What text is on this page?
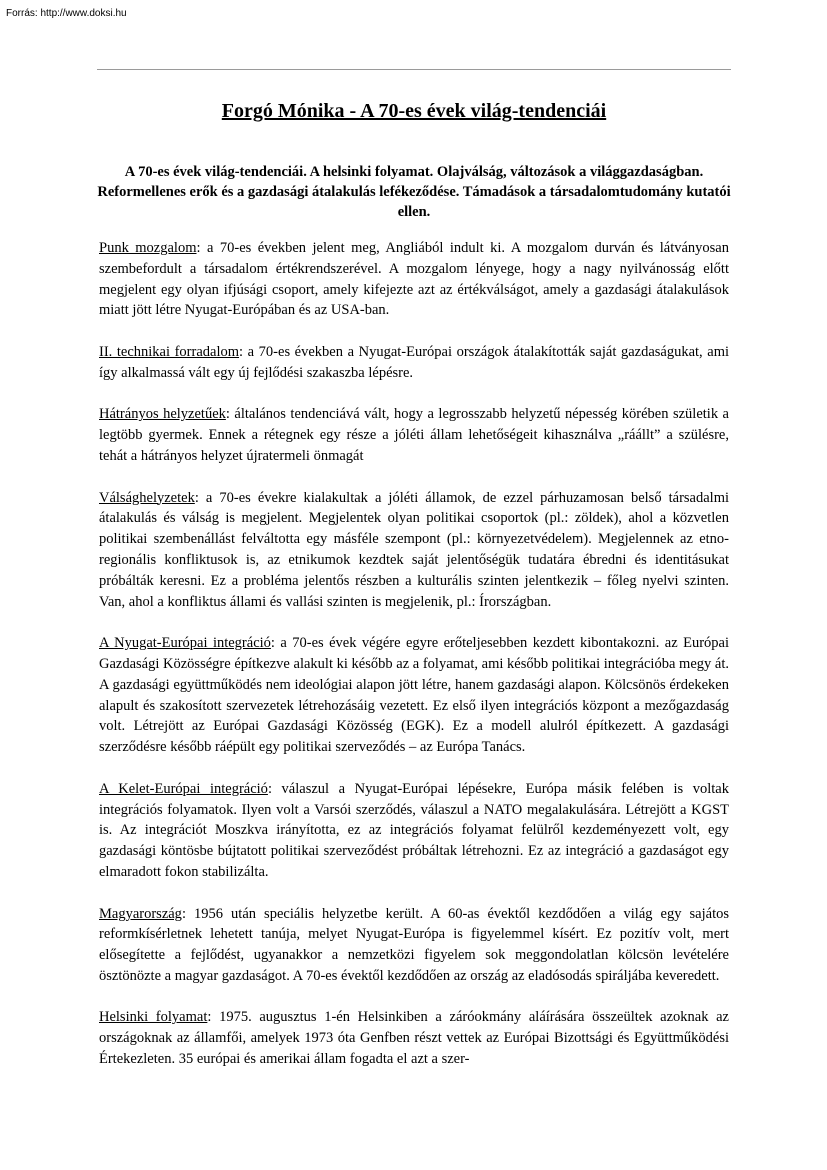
Forrás: http://www.doksi.hu
Forgó Mónika - A 70-es évek világ-tendenciái

A 70-es évek világ-tendenciái. A helsinki folyamat. Olajválság, változások a világgazdaságban. Reformellenes erők és a gazdasági átalakulás lefékeződése. Támadások a társadalomtudomány kutatói ellen.

Punk mozgalom: a 70-es években jelent meg, Angliából indult ki. A mozgalom durván és látványosan szembefordult a társadalom értékrendszerével. A mozgalom lényege, hogy a nagy nyilvánosság előtt megjelent egy olyan ifjúsági csoport, amely kifejezte azt az értékválságot, amely a gazdasági átalakulások miatt jött létre Nyugat-Európában és az USA-ban.

II. technikai forradalom: a 70-es években a Nyugat-Európai országok átalakították saját gazdaságukat, ami így alkalmassá vált egy új fejlődési szakaszba lépésre.

Hátrányos helyzetűek: általános tendenciává vált, hogy a legrosszabb helyzetű népesség körében születik a legtöbb gyermek. Ennek a rétegnek egy része a jóléti állam lehetőségeit kihasználva „ráállt” a szülésre, tehát a hátrányos helyzet újratermeli önmagát

Válsághelyzetek: a 70-es évekre kialakultak a jóléti államok, de ezzel párhuzamosan belső társadalmi átalakulás és válság is megjelent. Megjelentek olyan politikai csoportok (pl.: zöldek), ahol a közvetlen politikai szembenállást felváltotta egy másféle szempont (pl.: környezetvédelem). Megjelennek az etno-regionális konfliktusok is, az etnikumok kezdtek saját jelentőségük tudatára ébredni és identitásukat próbálták keresni. Ez a probléma jelentős részben a kulturális szinten jelentkezik – főleg nyelvi szinten. Van, ahol a konfliktus állami és vallási szinten is megjelenik, pl.: Írországban.

A Nyugat-Európai integráció: a 70-es évek végére egyre erőteljesebben kezdett kibontakozni. az Európai Gazdasági Közösségre építkezve alakult ki később az a folyamat, ami később politikai integrációba megy át. A gazdasági együttműködés nem ideológiai alapon jött létre, hanem gazdasági alapon. Kölcsönös érdekeken alapult és szakosított szervezetek létrehozásáig vezetett. Ez első ilyen integrációs központ a mezőgazdaság volt. Létrejött az Európai Gazdasági Közösség (EGK). Ez a modell alulról építkezett. A gazdasági szerződésre később ráépült egy politikai szerveződés – az Európa Tanács.

A Kelet-Európai integráció: válaszul a Nyugat-Európai lépésekre, Európa másik felében is voltak integrációs folyamatok. Ilyen volt a Varsói szerződés, válaszul a NATO megalakulására. Létrejött a KGST is. Az integrációt Moszkva irányította, ez az integrációs folyamat felülről kezdeményezett volt, egy gazdasági köntösbe bújtatott politikai szerveződést próbáltak létrehozni. Ez az integráció a gazdaságot egy elmaradott fokon stabilizálta.

Magyarország: 1956 után speciális helyzetbe került. A 60-as évektől kezdődően a világ egy sajátos reformkísérletnek lehetett tanúja, melyet Nyugat-Európa is figyelemmel kísért. Ez pozitív volt, mert elősegítette a fejlődést, ugyanakkor a nemzetközi figyelem sok meggondolatlan kölcsön levételére ösztönözte a magyar gazdaságot. A 70-es évektől kezdődően az ország az eladósodás spiráljába keveredett.

Helsinki folyamat: 1975. augusztus 1-én Helsinkiben a záróokmány aláírására összeültek azoknak az országoknak az államfői, amelyek 1973 óta Genfben részt vettek az Európai Bizottsági és Együttműködési Értekezleten. 35 európai és amerikai állam fogadta el azt a szer-
